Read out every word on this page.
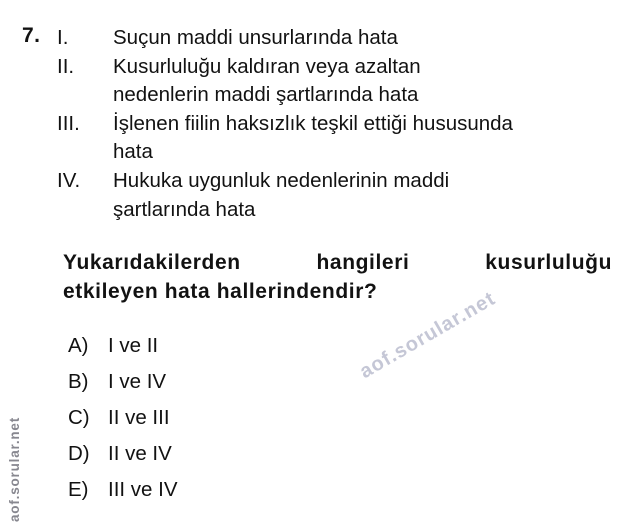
7. I.	Suçun maddi unsurlarında hata
II.	Kusurluluğu kaldıran veya azaltan
nedenlerin maddi şartlarında hata
III.	İşlenen fiilin haksızlık teşkil ettiği hususunda
hata
IV.	Hukuka uygunluk nedenlerinin maddi
şartlarında hata
Yukarıdakilerden	hangileri	kusurluluğu
etkileyen hata hallerindendir?
A) I ve II
B) I ve IV
C) II ve III
D) II ve IV
E) III ve IV
aof.sorular.net
aof.sorular.net
